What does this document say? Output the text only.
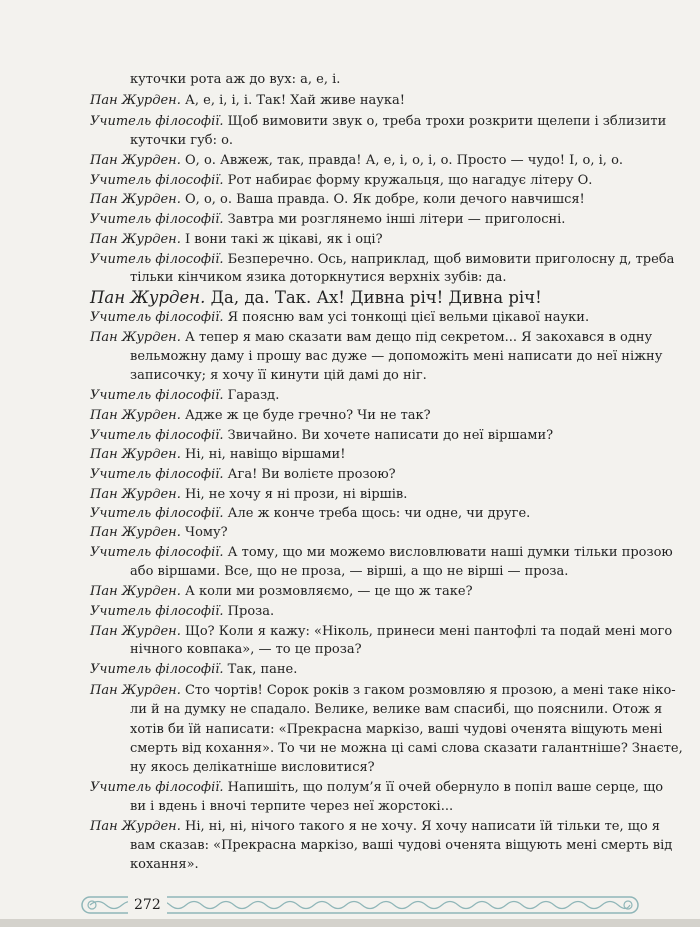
куточки рота аж до вух: а, е, і.
Пан Журден. А, е, і, і, і. Так! Хай живе наука!
Учитель філософії. Щоб вимовити звук о, треба трохи розкрити щелепи і зблизити
куточки губ: о.
Пан Журден. О, о. Авжеж, так, правда! А, е, і, о, і, о. Просто — чудо! І, о, і, о.
Учитель філософії. Рот набирає форму кружальця, що нагадує літеру О.
Пан Журден. О, о, о. Ваша правда. О. Як добре, коли дечого навчишся!
Учитель філософії. Завтра ми розглянемо інші літери — приголосні.
Пан Журден. І вони такі ж цікаві, як і оці?
Учитель філософії. Безперечно. Ось, наприклад, щоб вимовити приголосну д, треба
тільки кінчиком язика доторкнутися верхніх зубів: да.
Пан Журден. Да, да. Так. Ах! Дивна річ! Дивна річ!
Учитель філософії. Я поясню вам усі тонкощі цієї вельми цікавої науки.
Пан Журден. А тепер я маю сказати вам дещо під секретом... Я закохався в одну
вельможну даму і прошу вас дуже — допоможіть мені написати до неї ніжну
записочку; я хочу її кинути цій дамі до ніг.
Учитель філософії. Гаразд.
Пан Журден. Адже ж це буде гречно? Чи не так?
Учитель філософії. Звичайно. Ви хочете написати до неї віршами?
Пан Журден. Ні, ні, навіщо віршами!
Учитель філософії. Ага! Ви волієте прозою?
Пан Журден. Ні, не хочу я ні прози, ні віршів.
Учитель філософії. Але ж конче треба щось: чи одне, чи друге.
Пан Журден. Чому?
Учитель філософії. А тому, що ми можемо висловлювати наші думки тільки прозою
або віршами. Все, що не проза, — вірші, а що не вірші — проза.
Пан Журден. А коли ми розмовляємо, — це що ж таке?
Учитель філософії. Проза.
Пан Журден. Що? Коли я кажу: «Ніколь, принеси мені пантофлі та подай мені мого
нічного ковпака», — то це проза?
Учитель філософії. Так, пане.
Пан Журден. Сто чортів! Сорок років з гаком розмовляю я прозою, а мені таке ніко-
ли й на думку не спадало. Велике, велике вам спасибі, що пояснили. Отож я
хотів би їй написати: «Прекрасна маркізо, ваші чудові оченята віщують мені
смерть від кохання». То чи не можна ці самі слова сказати галантніше? Знаєте,
ну якось делікатніше висловитися?
Учитель філософії. Напишіть, що полум’я її очей обернуло в попіл ваше серце, що
ви і вдень і вночі терпите через неї жорстокі...
Пан Журден. Ні, ні, ні, нічого такого я не хочу. Я хочу написати їй тільки те, що я
вам сказав: «Прекрасна маркізо, ваші чудові оченята віщують мені смерть від
кохання».
272
